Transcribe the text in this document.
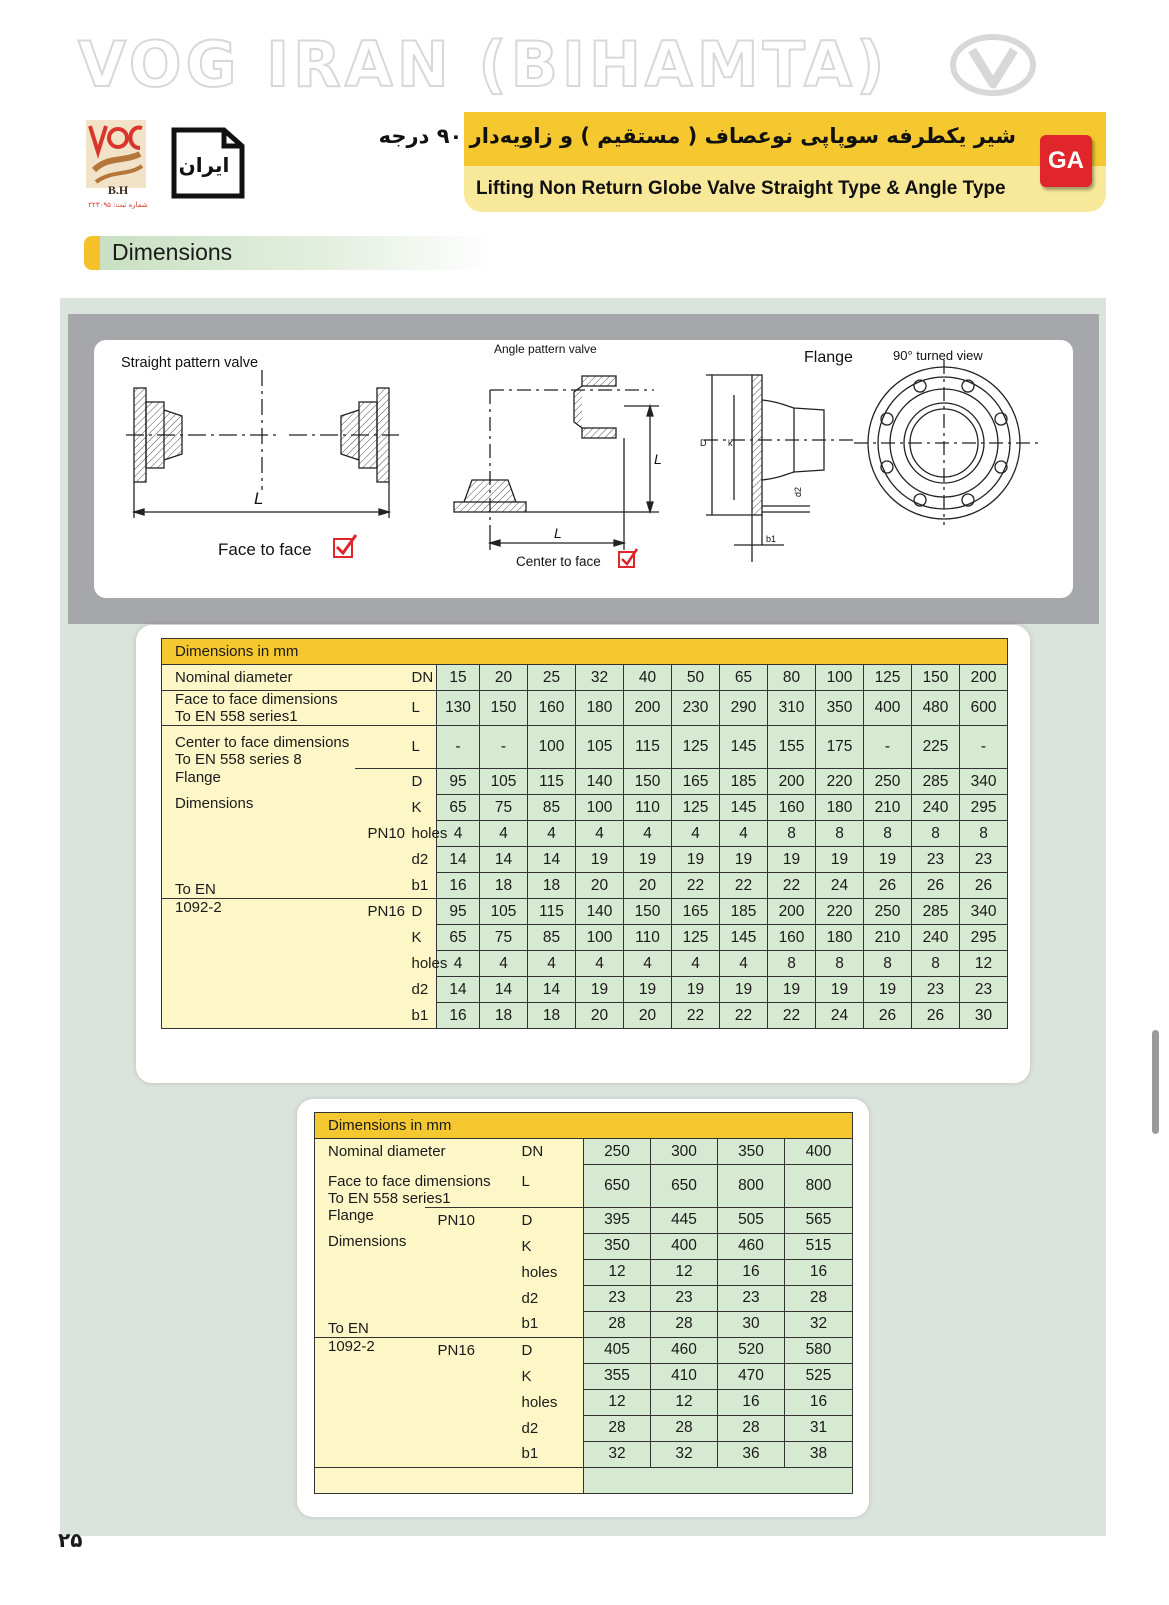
VOG IRAN (BIHAMTA)
B.H
شماره ثبت: ۲۲۳۰۹۵
ایران
شیر یکطرفه سوپاپی نوعصاف ( مستقیم ) و زاویه‌دار ۹۰ درجه
Lifting Non Return Globe Valve Straight Type & Angle Type
GA
Dimensions
Straight pattern valve
L
Face to face
Angle pattern valve
L
L
Center to face
Flange
D k
d2
b1
90° turned view
Dimensions in mm														
Nominal diameter		DN	15	20	25	32	40	50	65	80	100	125	150	200

Face to face dimensions
To EN 558 series1		L	130	150	160	180	200	230	290	310	350	400	480	600

Center to face dimensions
To EN 558 series 8		L	-	-	100	105	115	125	145	155	175	-	225	-
Flange		D	95	105	115	140	150	165	185	200	220	250	285	340
Dimensions		K	65	75	85	100	110	125	145	160	180	210	240	295
	PN10	holes	4	4	4	4	4	4	4	8	8	8	8	8
		d2	14	14	14	19	19	19	19	19	19	19	23	23
To EN		b1	16	18	18	20	20	22	22	22	24	26	26	26
1092-2	PN16	D	95	105	115	140	150	165	185	200	220	250	285	340
		K	65	75	85	100	110	125	145	160	180	210	240	295
		holes	4	4	4	4	4	4	4	8	8	8	8	12
		d2	14	14	14	19	19	19	19	19	19	19	23	23
		b1	16	18	18	20	20	22	22	22	24	26	26	30
Dimensions in mm						
Nominal diameter		DN	250	300	350	400

Face to face dimensions
To EN 558 series1		L	650	650	800	800
Flange	PN10	D	395	445	505	565
Dimensions		K	350	400	460	515
		holes	12	12	16	16
		d2	23	23	23	28
To EN		b1	28	28	30	32
1092-2	PN16	D	405	460	520	580
		K	355	410	470	525
		holes	12	12	16	16
		d2	28	28	28	31
		b1	32	32	36	38

۲۵
